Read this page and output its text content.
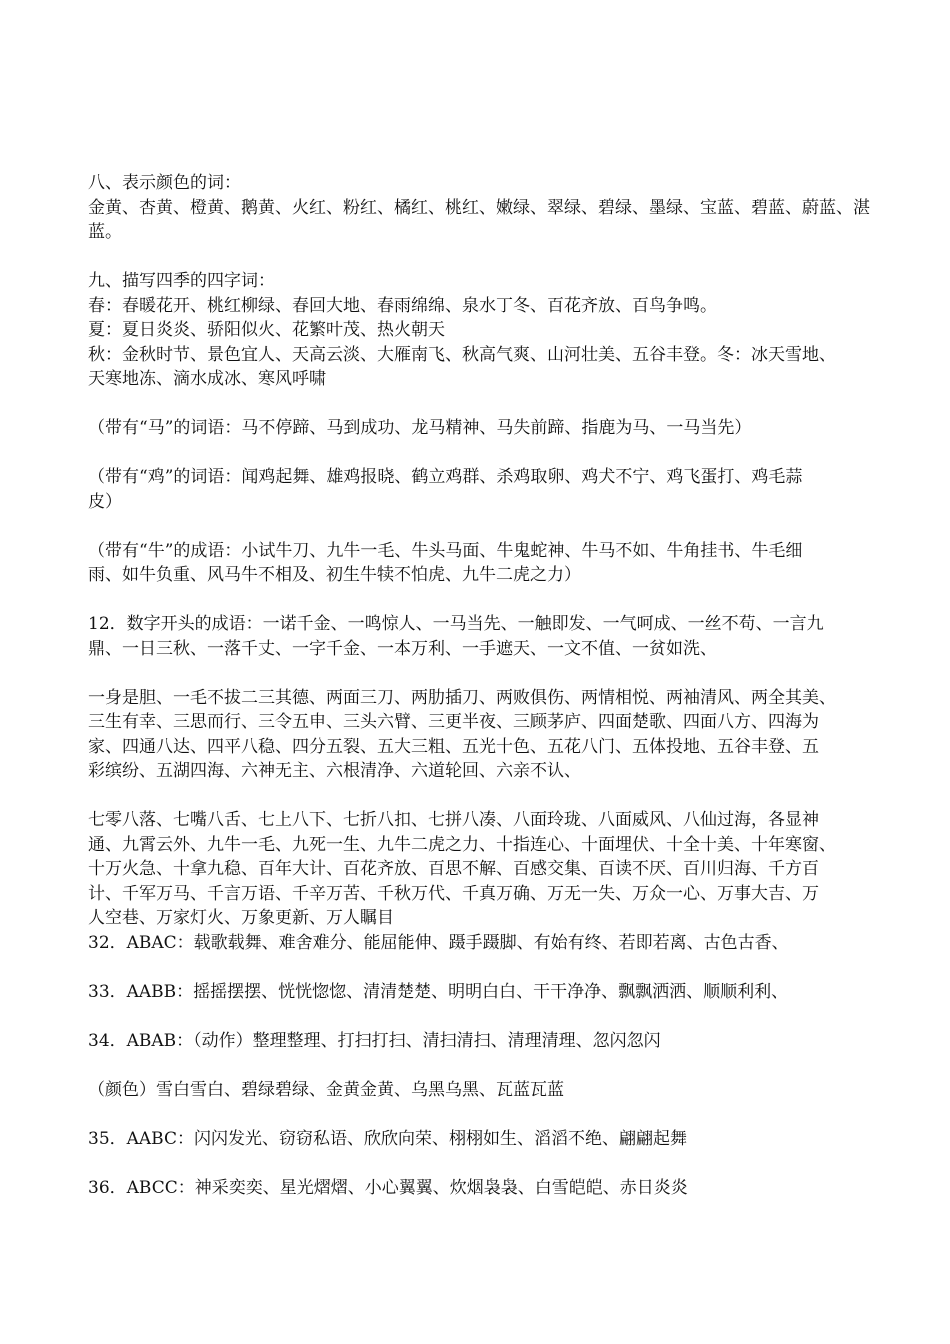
八、表示颜色的词：
金黄、杏黄、橙黄、鹅黄、火红、粉红、橘红、桃红、嫩绿、翠绿、碧绿、墨绿、宝蓝、碧蓝、蔚蓝、湛
蓝。
九、描写四季的四字词：
春：春暖花开、桃红柳绿、春回大地、春雨绵绵、泉水丁冬、百花齐放、百鸟争鸣。
夏：夏日炎炎、骄阳似火、花繁叶茂、热火朝天
秋：金秋时节、景色宜人、天高云淡、大雁南飞、秋高气爽、山河壮美、五谷丰登。冬：冰天雪地、
天寒地冻、滴水成冰、寒风呼啸
（带有“马”的词语：马不停蹄、马到成功、龙马精神、马失前蹄、指鹿为马、一马当先）
（带有“鸡”的词语：闻鸡起舞、雄鸡报晓、鹤立鸡群、杀鸡取卵、鸡犬不宁、鸡飞蛋打、鸡毛蒜
皮）
（带有“牛”的成语：小试牛刀、九牛一毛、牛头马面、牛鬼蛇神、牛马不如、牛角挂书、牛毛细
雨、如牛负重、风马牛不相及、初生牛犊不怕虎、九牛二虎之力）
12．数字开头的成语：一诺千金、一鸣惊人、一马当先、一触即发、一气呵成、一丝不苟、一言九
鼎、一日三秋、一落千丈、一字千金、一本万利、一手遮天、一文不值、一贫如洗、
一身是胆、一毛不拔二三其德、两面三刀、两肋插刀、两败俱伤、两情相悦、两袖清风、两全其美、
三生有幸、三思而行、三令五申、三头六臂、三更半夜、三顾茅庐、四面楚歌、四面八方、四海为
家、四通八达、四平八稳、四分五裂、五大三粗、五光十色、五花八门、五体投地、五谷丰登、五
彩缤纷、五湖四海、六神无主、六根清净、六道轮回、六亲不认、
七零八落、七嘴八舌、七上八下、七折八扣、七拼八凑、八面玲珑、八面威风、八仙过海，各显神
通、九霄云外、九牛一毛、九死一生、九牛二虎之力、十指连心、十面埋伏、十全十美、十年寒窗、
十万火急、十拿九稳、百年大计、百花齐放、百思不解、百感交集、百读不厌、百川归海、千方百
计、千军万马、千言万语、千辛万苦、千秋万代、千真万确、万无一失、万众一心、万事大吉、万
人空巷、万家灯火、万象更新、万人瞩目
32．ABAC：载歌载舞、难舍难分、能屈能伸、蹑手蹑脚、有始有终、若即若离、古色古香、
33．AABB：摇摇摆摆、恍恍惚惚、清清楚楚、明明白白、干干净净、飘飘洒洒、顺顺利利、
34．ABAB：（动作）整理整理、打扫打扫、清扫清扫、清理清理、忽闪忽闪
（颜色）雪白雪白、碧绿碧绿、金黄金黄、乌黑乌黑、瓦蓝瓦蓝
35．AABC：闪闪发光、窃窃私语、欣欣向荣、栩栩如生、滔滔不绝、翩翩起舞
36．ABCC：神采奕奕、星光熠熠、小心翼翼、炊烟袅袅、白雪皑皑、赤日炎炎
